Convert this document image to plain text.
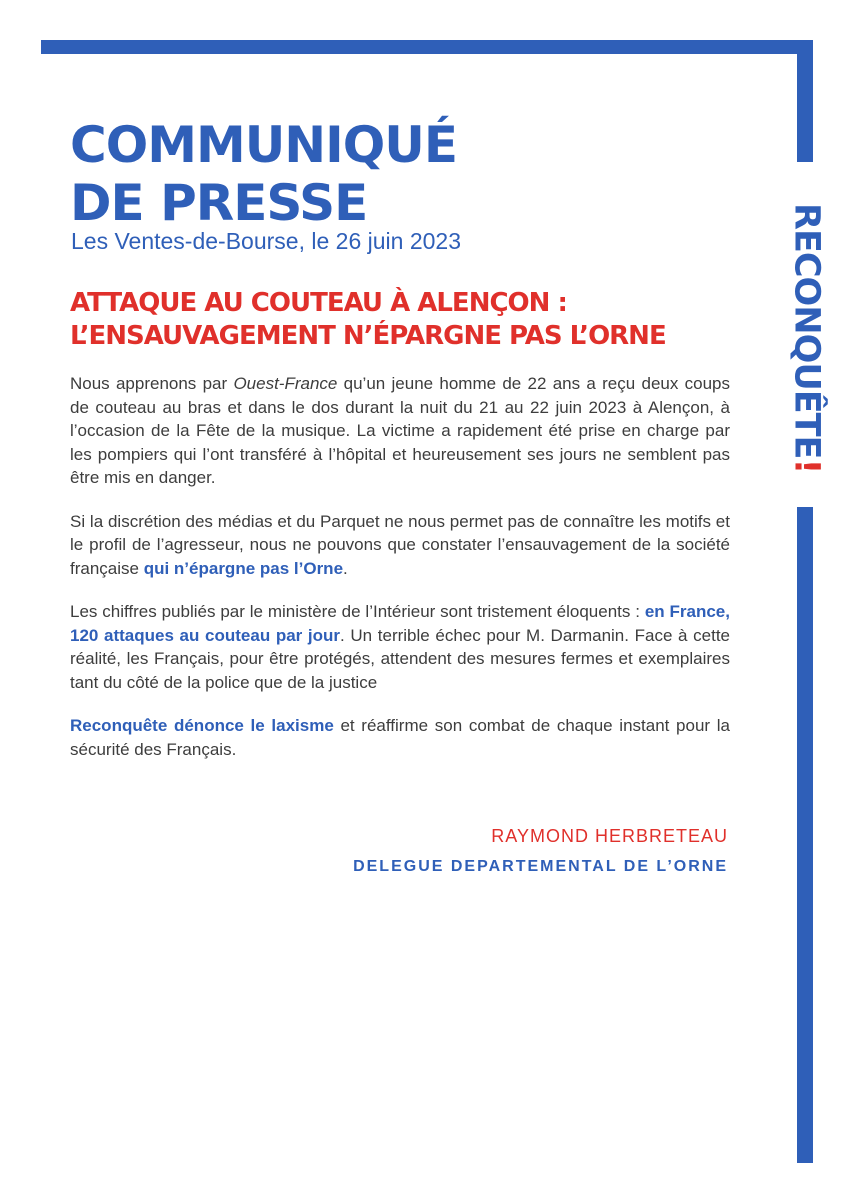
RECONQUÊTE!
COMMUNIQUÉ
DE PRESSE
Les Ventes-de-Bourse, le 26 juin 2023
ATTAQUE AU COUTEAU À ALENÇON :
L’ENSAUVAGEMENT N’ÉPARGNE PAS L’ORNE

Nous apprenons par Ouest-France qu’un jeune homme de 22 ans a reçu deux coups de couteau au bras et dans le dos durant la nuit du 21 au 22 juin 2023 à Alençon, à l’occasion de la Fête de la musique. La victime a rapidement été prise en charge par les pompiers qui l’ont transféré à l’hôpital et heureusement ses jours ne semblent pas être mis en danger.

Si la discrétion des médias et du Parquet ne nous permet pas de connaître les motifs et le profil de l’agresseur, nous ne pouvons que constater l’ensauvagement de la société française qui n’épargne pas l’Orne.

Les chiffres publiés par le ministère de l’Intérieur sont tristement éloquents : en France, 120 attaques au couteau par jour. Un terrible échec pour M. Darmanin. Face à cette réalité, les Français, pour être protégés, attendent des mesures fermes et exemplaires tant du côté de la police que de la justice

Reconquête dénonce le laxisme et réaffirme son combat de chaque instant pour la sécurité des Français.

RAYMOND HERBRETEAU
DELEGUE DEPARTEMENTAL DE L’ORNE
